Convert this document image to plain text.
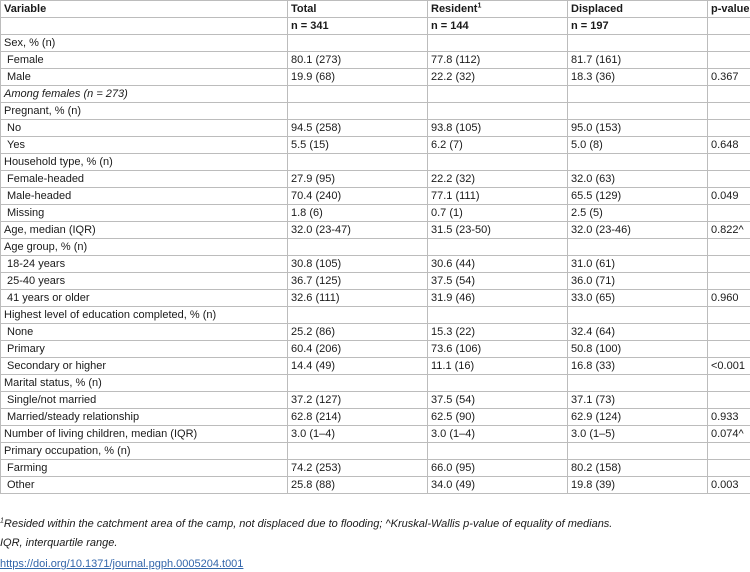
Variable	Total	Resident$^1$	Displaced	p-value
	n = 341	n = 144	n = 197	
Sex, % (n)				
Female	80.1 (273)	77.8 (112)	81.7 (161)	
Male	19.9 (68)	22.2 (32)	18.3 (36)	0.367
Among females (n = 273)				
Pregnant, % (n)				
No	94.5 (258)	93.8 (105)	95.0 (153)	
Yes	5.5 (15)	6.2 (7)	5.0 (8)	0.648
Household type, % (n)				
Female-headed	27.9 (95)	22.2 (32)	32.0 (63)	
Male-headed	70.4 (240)	77.1 (111)	65.5 (129)	0.049
Missing	1.8 (6)	0.7 (1)	2.5 (5)	
Age, median (IQR)	32.0 (23-47)	31.5 (23-50)	32.0 (23-46)	0.822^
Age group, % (n)				
18-24 years	30.8 (105)	30.6 (44)	31.0 (61)	
25-40 years	36.7 (125)	37.5 (54)	36.0 (71)	
41 years or older	32.6 (111)	31.9 (46)	33.0 (65)	0.960
Highest level of education completed, % (n)				
None	25.2 (86)	15.3 (22)	32.4 (64)	
Primary	60.4 (206)	73.6 (106)	50.8 (100)	
Secondary or higher	14.4 (49)	11.1 (16)	16.8 (33)	<0.001
Marital status, % (n)				
Single/not married	37.2 (127)	37.5 (54)	37.1 (73)	
Married/steady relationship	62.8 (214)	62.5 (90)	62.9 (124)	0.933
Number of living children, median (IQR)	3.0 (1–4)	3.0 (1–4)	3.0 (1–5)	0.074^
Primary occupation, % (n)				
Farming	74.2 (253)	66.0 (95)	80.2 (158)	
Other	25.8 (88)	34.0 (49)	19.8 (39)	0.003
$^1$Resided within the catchment area of the camp, not displaced due to flooding; ^Kruskal-Wallis p-value of equality of medians.
IQR, interquartile range.
https://doi.org/10.1371/journal.pgph.0005204.t001
